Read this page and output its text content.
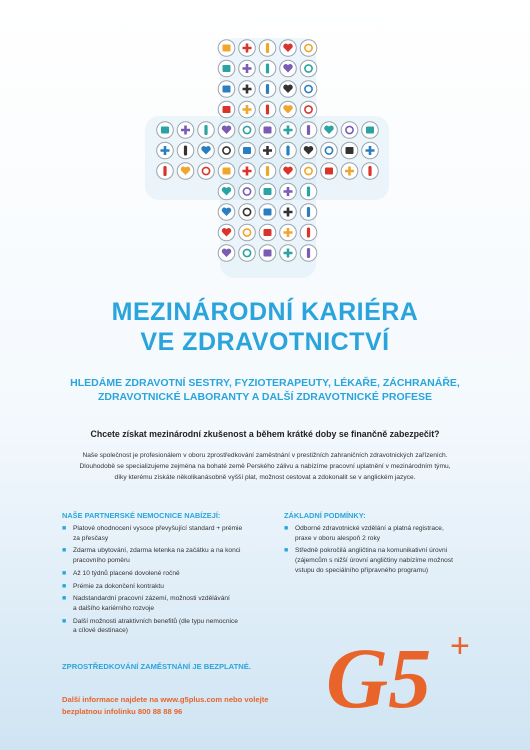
MEZINÁRODNÍ KARIÉRA
VE ZDRAVOTNICTVÍ
HLEDÁME ZDRAVOTNÍ SESTRY, FYZIOTERAPEUTY, LÉKAŘE, ZÁCHRANÁŘE,
ZDRAVOTNICKÉ LABORANTY A DALŠÍ ZDRAVOTNICKÉ PROFESE
Chcete získat mezinárodní zkušenost a během krátké doby se finančně zabezpečit?
Naše společnost je profesionálem v oboru zprostředkování zaměstnání v prestižních zahraničních zdravotnických zařízeních.
Dlouhodobě se specializujeme zejména na bohaté země Perského zálivu a nabízíme pracovní uplatnění v mezinárodním týmu,
díky kterému získáte několikanásobně vyšší plat, možnost cestovat a zdokonalit se v anglickém jazyce.
NAŠE PARTNERSKÉ NEMOCNICE NABÍZEJÍ:
■ Platové ohodnocení vysoce převyšující standard + prémie
za přesčasy
■ Zdarma ubytování, zdarma letenka na začátku a na konci
pracovního poměru
■ Až 10 týdnů placené dovolené ročně
■ Prémie za dokončení kontraktu
■ Nadstandardní pracovní zázemí, možnosti vzdělávání
a dalšího kariérního rozvoje
■ Další možnosti atraktivních benefitů (dle typu nemocnice
a cílové destinace)
ZÁKLADNÍ PODMÍNKY:
■ Odborné zdravotnické vzdělání a platná registrace,
praxe v oboru alespoň 2 roky
■ Středně pokročilá angličtina na komunikativní úrovni
(zájemcům s nižší úrovní angličtiny nabízíme možnost
vstupu do speciálního přípravného programu)
ZPROSTŘEDKOVÁNÍ ZAMĚSTNÁNÍ JE BEZPLATNÉ.
Další informace najdete na www.g5plus.com nebo volejte
bezplatnou infolinku 800 88 88 96	G5 +
